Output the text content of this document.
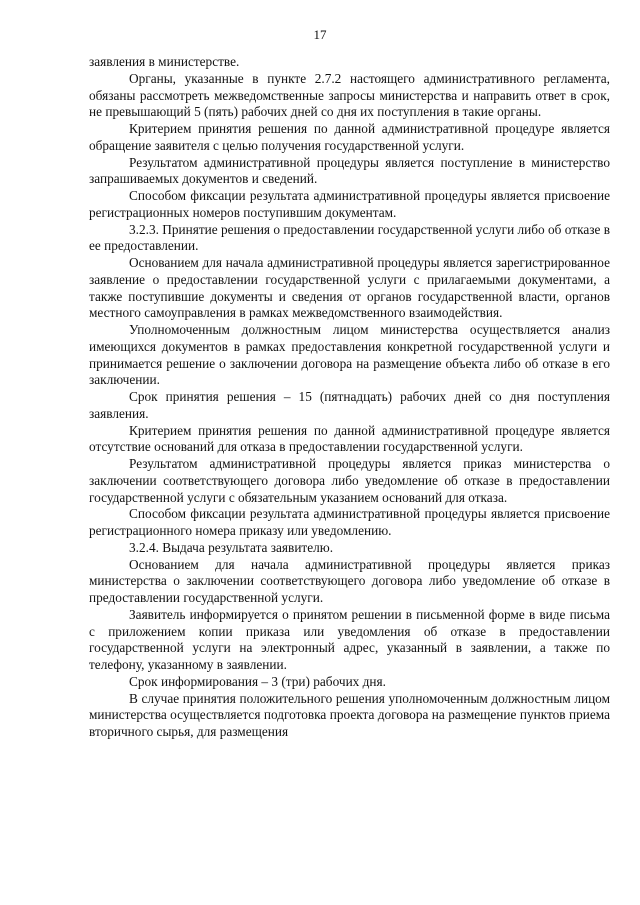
17

заявления в министерстве.

Органы, указанные в пункте 2.7.2 настоящего административного регламента, обязаны рассмотреть межведомственные запросы министерства и направить ответ в срок, не превышающий 5 (пять) рабочих дней со дня их поступления в такие органы.

Критерием принятия решения по данной административной процедуре является обращение заявителя с целью получения государственной услуги.

Результатом административной процедуры является поступление в министерство запрашиваемых документов и сведений.

Способом фиксации результата административной процедуры является присвоение регистрационных номеров поступившим документам.

3.2.3. Принятие решения о предоставлении государственной услуги либо об отказе в ее предоставлении.

Основанием для начала административной процедуры является зарегистрированное заявление о предоставлении государственной услуги с прилагаемыми документами, а также поступившие документы и сведения от органов государственной власти, органов местного самоуправления в рамках межведомственного взаимодействия.

Уполномоченным должностным лицом министерства осуществляется анализ имеющихся документов в рамках предоставления конкретной государственной услуги и принимается решение о заключении договора на размещение объекта либо об отказе в его заключении.

Срок принятия решения – 15 (пятнадцать) рабочих дней со дня поступления заявления.

Критерием принятия решения по данной административной процедуре является отсутствие оснований для отказа в предоставлении государственной услуги.

Результатом административной процедуры является приказ министерства о заключении соответствующего договора либо уведомление об отказе в предоставлении государственной услуги с обязательным указанием оснований для отказа.

Способом фиксации результата административной процедуры является присвоение регистрационного номера приказу или уведомлению.

3.2.4. Выдача результата заявителю.

Основанием для начала административной процедуры является приказ министерства о заключении соответствующего договора либо уведомление об отказе в предоставлении государственной услуги.

Заявитель информируется о принятом решении в письменной форме в виде письма с приложением копии приказа или уведомления об отказе в предоставлении государственной услуги на электронный адрес, указанный в заявлении, а также по телефону, указанному в заявлении.

Срок информирования – 3 (три) рабочих дня.

В случае принятия положительного решения уполномоченным должностным лицом министерства осуществляется подготовка проекта договора на размещение пунктов приема вторичного сырья, для размещения
